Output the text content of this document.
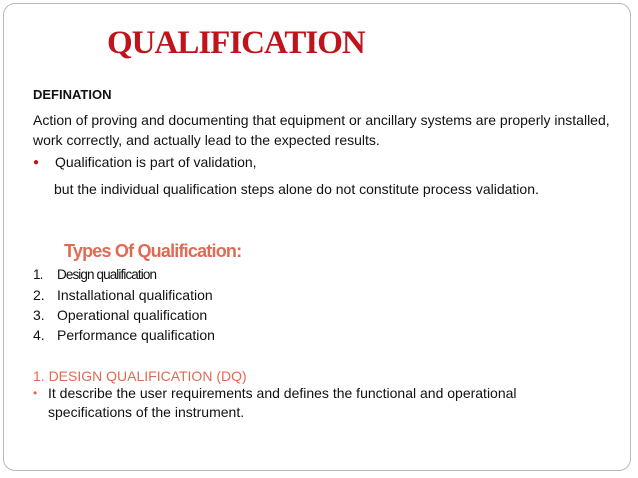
QUALIFICATION
DEFINATION
Action of proving and documenting that equipment or ancillary systems are properly installed, work correctly, and actually lead to the expected results.
● Qualification is part of validation,
but the individual qualification steps alone do not constitute process validation.
Types Of Qualification:
1. Design qualification
2. Installational qualification
3. Operational qualification
4. Performance qualification
1. DESIGN QUALIFICATION (DQ)
• It describe the user requirements and defines the functional and operational specifications of the instrument.
